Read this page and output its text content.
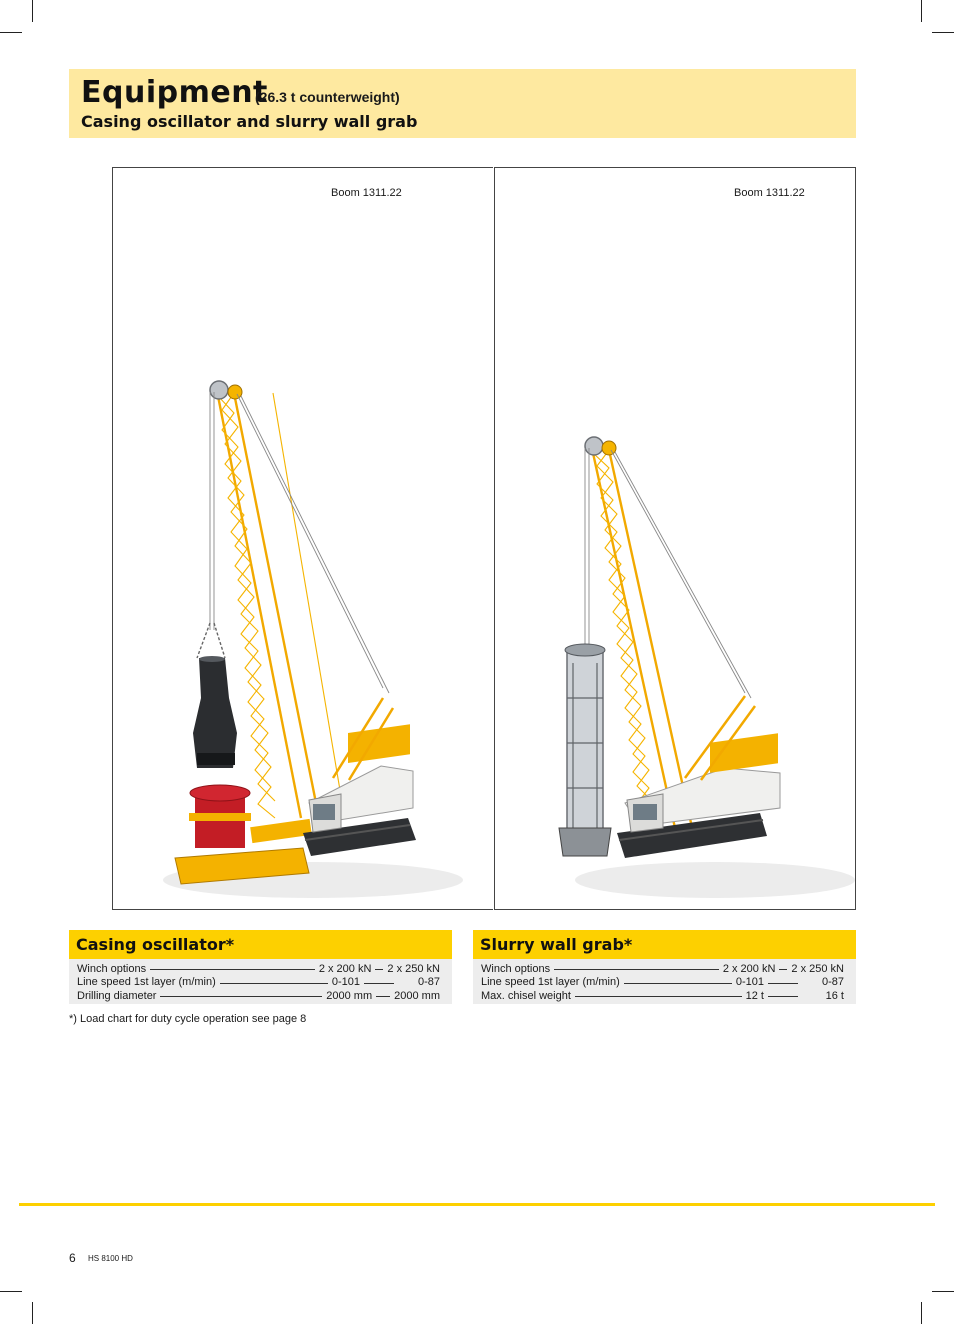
Equipment
(26.3 t counterweight)
Casing oscillator and slurry wall grab
Boom 1311.22	Boom 1311.22
Casing oscillator*
Winch options	2 x 200 kN 2 x 250 kN
Line speed 1st layer (m/min)	0-101	0-87
Drilling diameter	2000 mm 2000 mm
Slurry wall grab*
Winch options	2 x 200 kN 2 x 250 kN
Line speed 1st layer (m/min)	0-101	0-87
Max. chisel weight	12 t	16 t
*) Load chart for duty cycle operation see page 8
6 HS 8100 HD
